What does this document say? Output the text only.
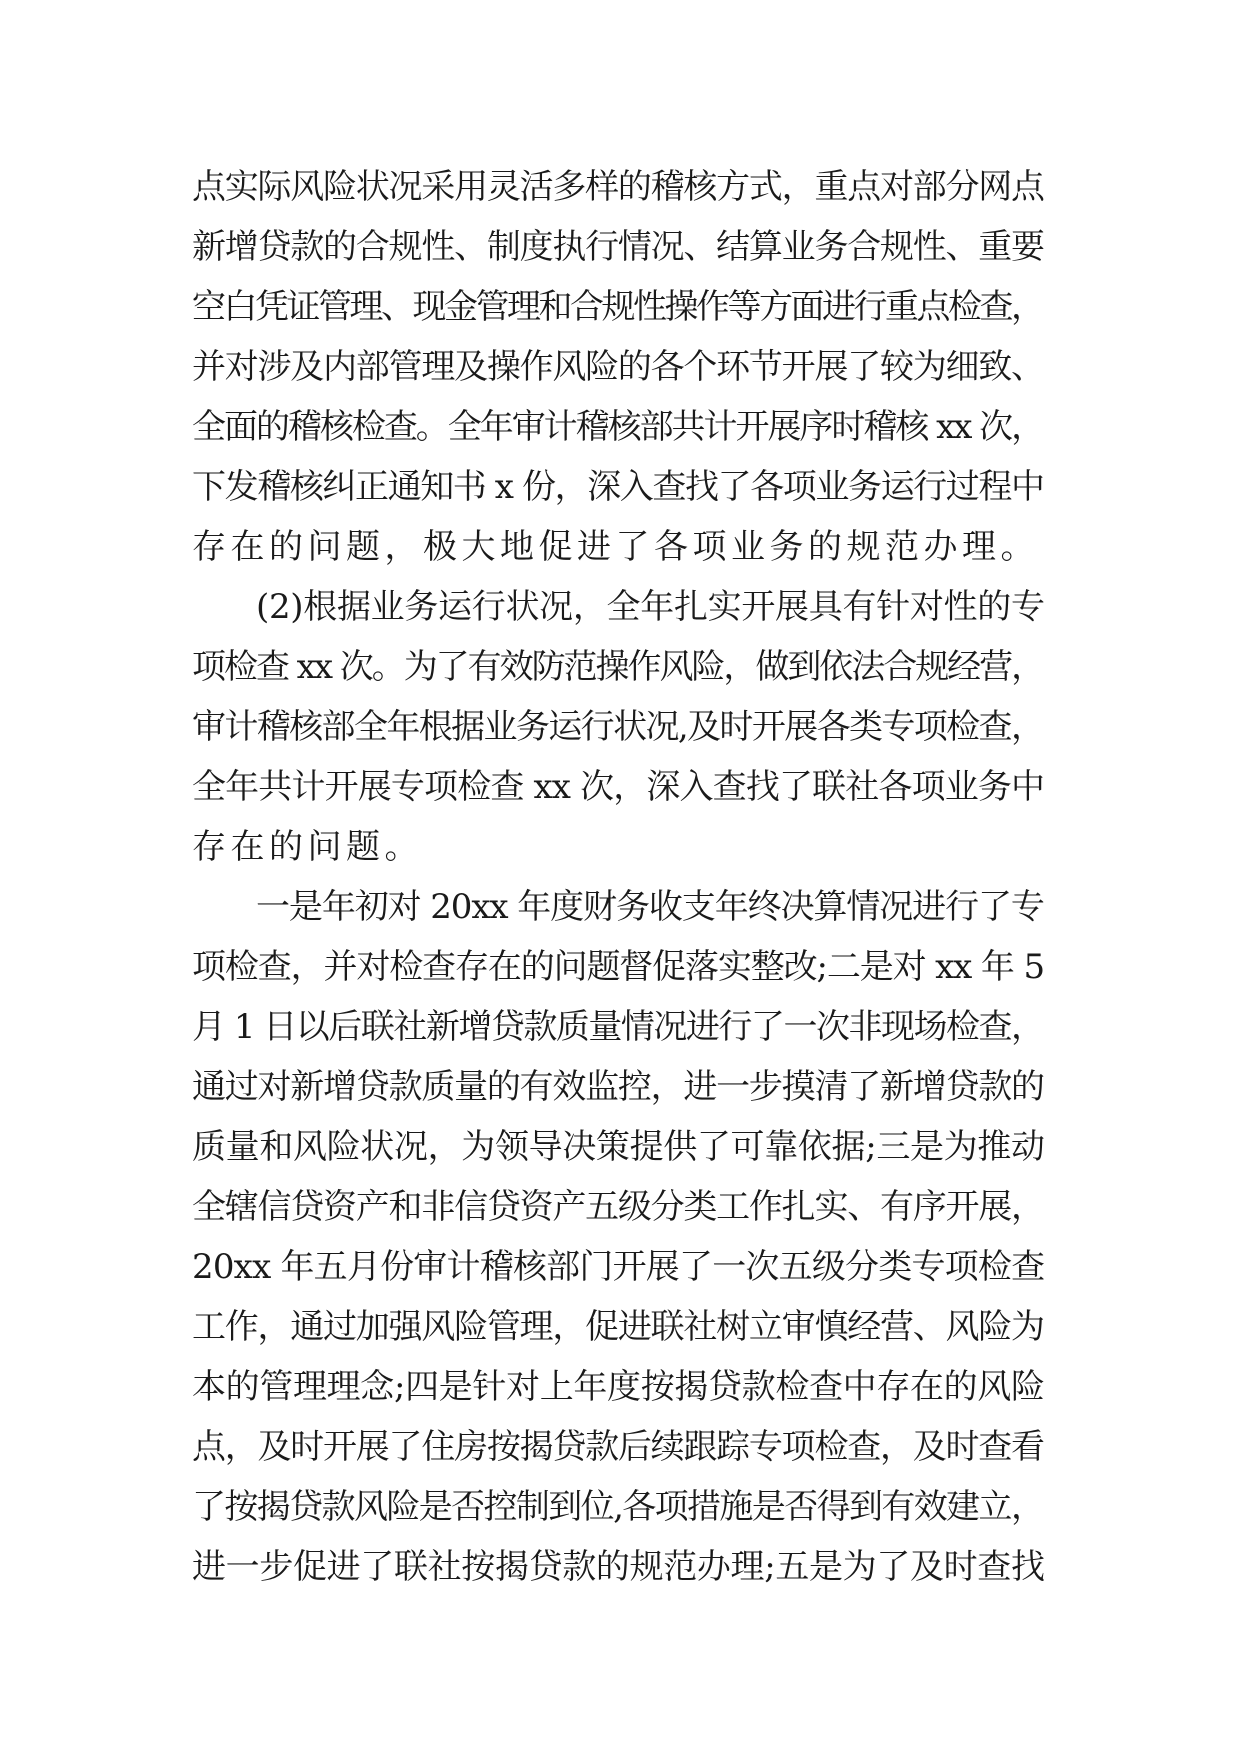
点实际风险状况采用灵活多样的稽核方式，重点对部分网点
新增贷款的合规性、制度执行情况、结算业务合规性、重要
空白凭证管理、现金管理和合规性操作等方面进行重点检查，
并对涉及内部管理及操作风险的各个环节开展了较为细致、
全面的稽核检查。全年审计稽核部共计开展序时稽核 xx 次，
下发稽核纠正通知书 x 份，深入查找了各项业务运行过程中
存在的问题，极大地促进了各项业务的规范办理。
(2)根据业务运行状况，全年扎实开展具有针对性的专
项检查 xx 次。为了有效防范操作风险，做到依法合规经营，
审计稽核部全年根据业务运行状况,及时开展各类专项检查，
全年共计开展专项检查 xx 次，深入查找了联社各项业务中
存在的问题。
一是年初对 20xx 年度财务收支年终决算情况进行了专
项检查，并对检查存在的问题督促落实整改;二是对 xx 年 5
月 1 日以后联社新增贷款质量情况进行了一次非现场检查，
通过对新增贷款质量的有效监控，进一步摸清了新增贷款的
质量和风险状况，为领导决策提供了可靠依据;三是为推动
全辖信贷资产和非信贷资产五级分类工作扎实、有序开展，
20xx 年五月份审计稽核部门开展了一次五级分类专项检查
工作，通过加强风险管理，促进联社树立审慎经营、风险为
本的管理理念;四是针对上年度按揭贷款检查中存在的风险
点，及时开展了住房按揭贷款后续跟踪专项检查，及时查看
了按揭贷款风险是否控制到位,各项措施是否得到有效建立，
进一步促进了联社按揭贷款的规范办理;五是为了及时查找
